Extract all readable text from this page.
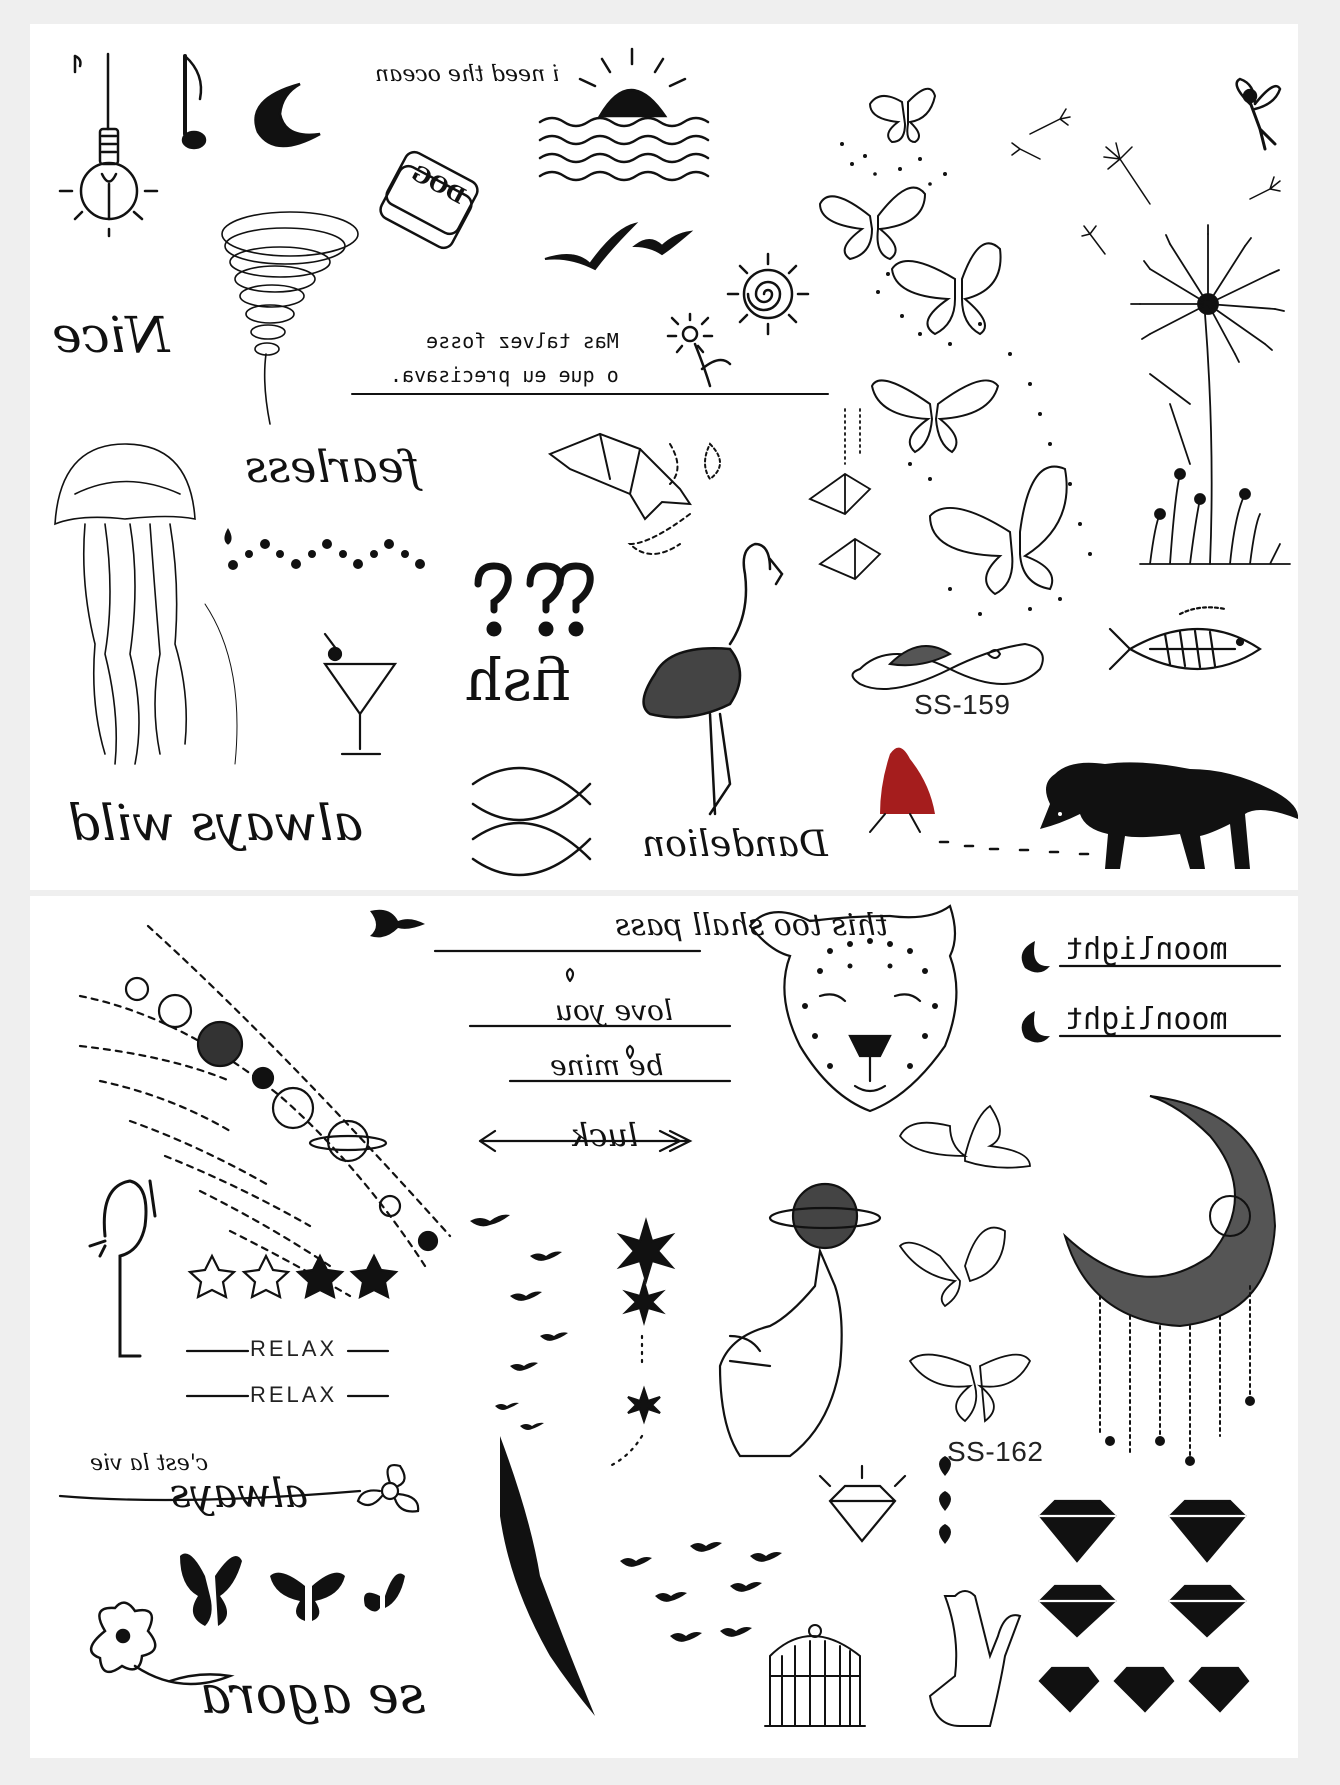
i need the ocean
DOG
Nice	Mas talvez fosse
o que eu precisava.
fearless
fish
always wild	Dandelion
SS-159
this too shall pass
love you
be mine
luck
moonlight
moonlight
RELAX
RELAX
c'est la vie
always
se agora
SS-162
